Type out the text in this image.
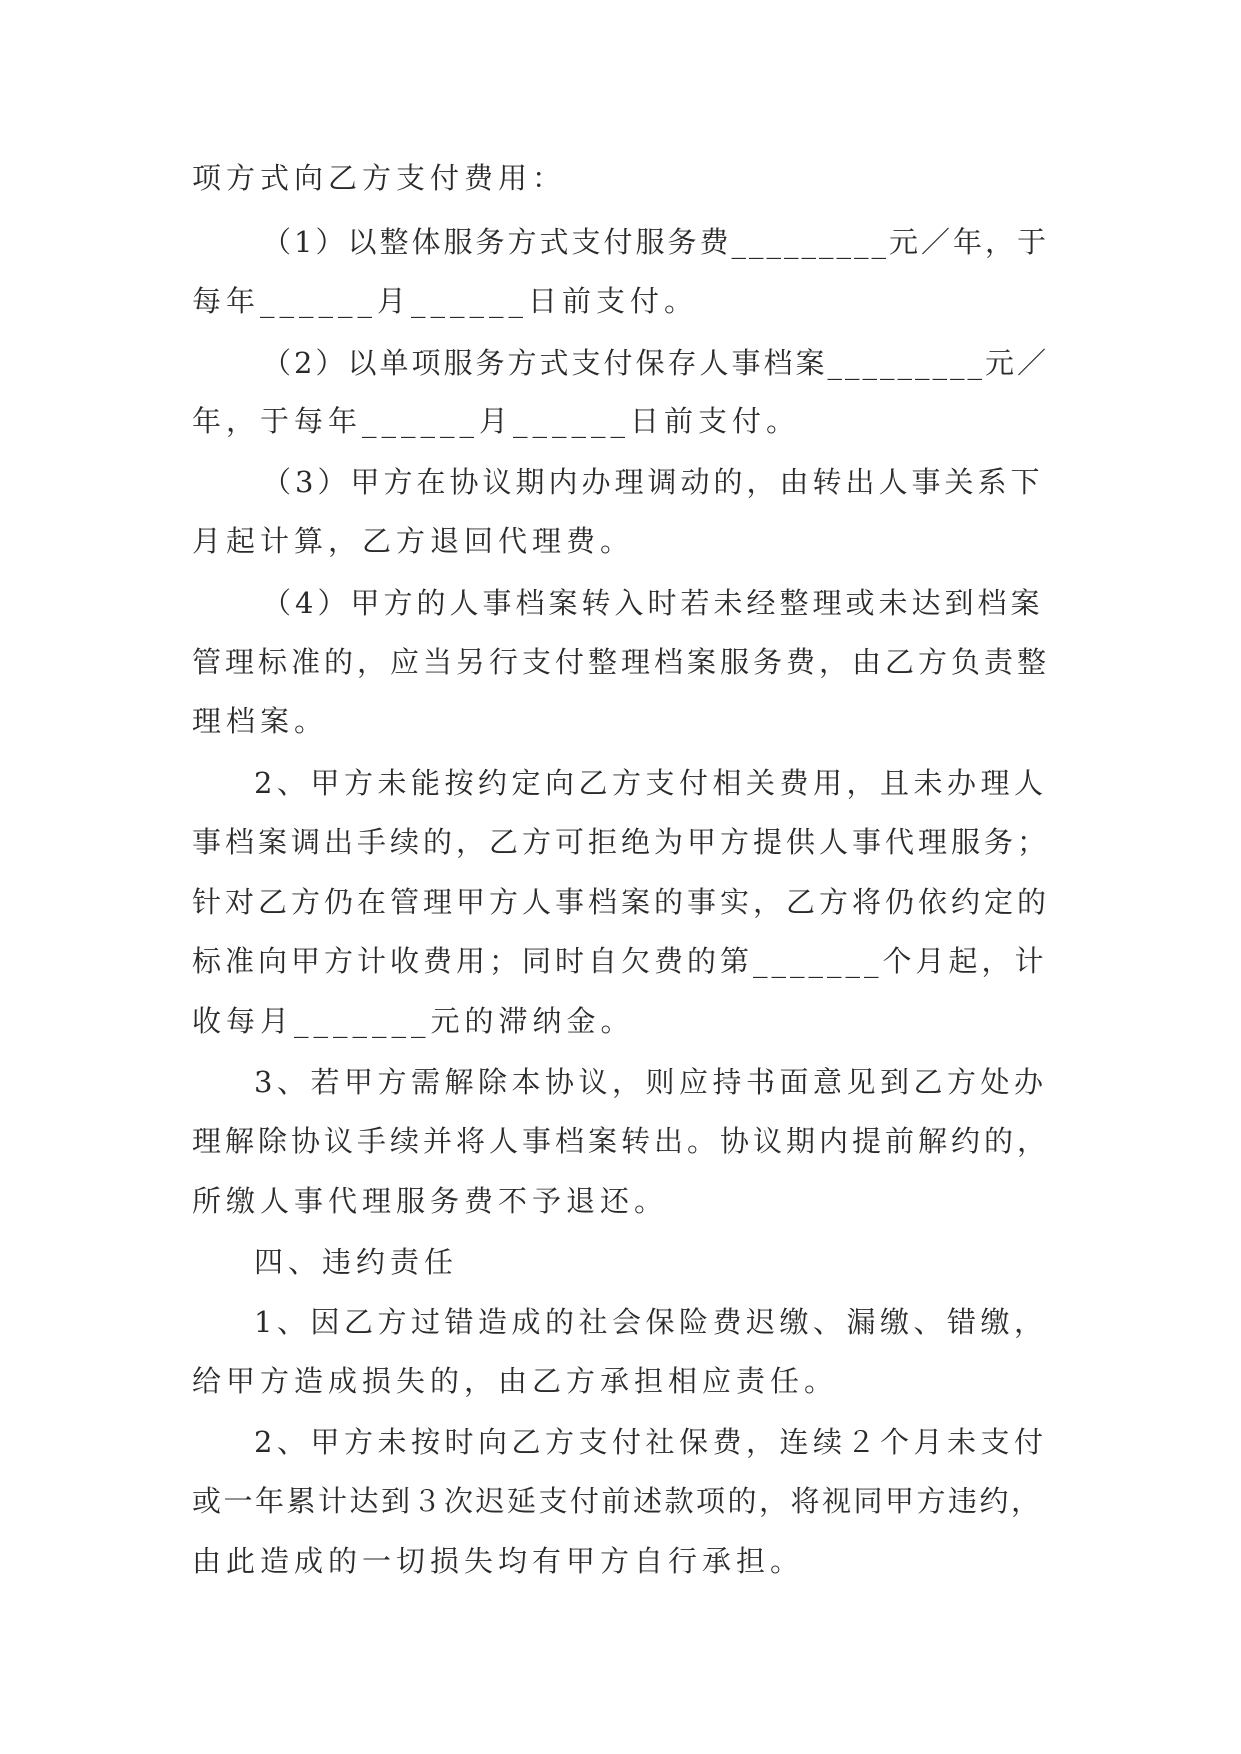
项方式向乙方支付费用：
（1）以整体服务方式支付服务费_________元／年，于
每年______月______日前支付。
（2）以单项服务方式支付保存人事档案_________元／
年，于每年______月______日前支付。
（3）甲方在协议期内办理调动的，由转出人事关系下
月起计算，乙方退回代理费。
（4）甲方的人事档案转入时若未经整理或未达到档案
管理标准的，应当另行支付整理档案服务费，由乙方负责整
理档案。
2、甲方未能按约定向乙方支付相关费用，且未办理人
事档案调出手续的，乙方可拒绝为甲方提供人事代理服务；
针对乙方仍在管理甲方人事档案的事实，乙方将仍依约定的
标准向甲方计收费用；同时自欠费的第_______个月起，计
收每月_______元的滞纳金。
3、若甲方需解除本协议，则应持书面意见到乙方处办
理解除协议手续并将人事档案转出。协议期内提前解约的，
所缴人事代理服务费不予退还。
四、违约责任
1、因乙方过错造成的社会保险费迟缴、漏缴、错缴，
给甲方造成损失的，由乙方承担相应责任。
2、甲方未按时向乙方支付社保费，连续２个月未支付
或一年累计达到３次迟延支付前述款项的，将视同甲方违约，
由此造成的一切损失均有甲方自行承担。
